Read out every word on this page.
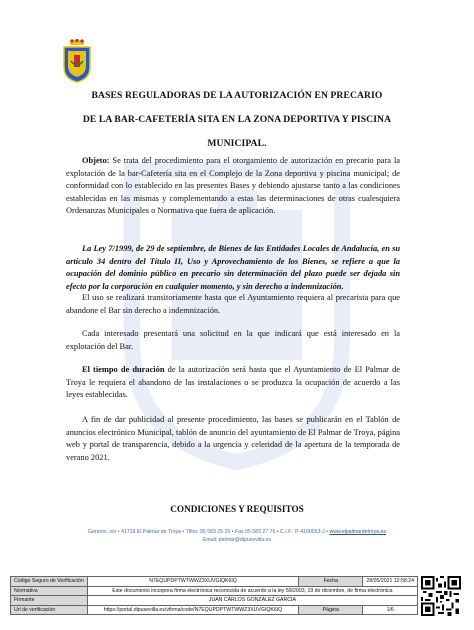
BASES REGULADORAS DE LA AUTORIZACIÓN EN PRECARIO
DE LA BAR-CAFETERÍA SITA EN LA ZONA DEPORTIVA Y PISCINA
MUNICIPAL.
Objeto: Se trata del procedimiento para el otorgamiento de autorización en precario para la explotación de la bar-Cafetería sita en el Complejo de la Zona deportiva y piscina municipal; de conformidad con lo establecido en las presentes Bases y debiendo ajustarse tanto a las condiciones establecidas en las mismas y complementando a estas las determinaciones de otras cualesquiera Ordenanzas Municipales o Normativa que fuera de aplicación.
La Ley 7/1999, de 29 de septiembre, de Bienes de las Entidades Locales de Andalucía, en su artículo 34 dentro del Título II, Uso y Aprovechamiento de los Bienes, se refiere a que la ocupación del dominio público en precario sin determinación del plazo puede ser dejada sin efecto por la corporación en cualquier momento, y sin derecho a indemnización.
El uso se realizará transitoriamente hasta que el Ayuntamiento requiera al precarista para que abandone el Bar sin derecho a indemnización.
Cada interesado presentará una solicitud en la que indicará que está interesado en la explotación del Bar.
El tiempo de duración de la autorización será hasta que el Ayuntamiento de El Palmar de Troya le requiera el abandono de las instalaciones o se produzca la ocupación de acuerdo a las leyes establecidas.
A fin de dar publicidad al presente procedimiento, las bases se publicarán en el Tablón de anuncios electrónico Municipal, tablón de anuncio del ayuntamiento de El Palmar de Troya, página web y portal de transparencia, debido a la urgencia y celeridad de la apertura de la temporada de verano 2021.
CONDICIONES Y REQUISITOS
Geranio, s/n • 41719 El Palmar de Troya • Tlfno: 95 583 25 25 • Fax 95 583 27 75 • C.I.F.: P-4100053-J • www.elpalmardetroya.es
Email: palmar@dipusevilla.es
Código Seguro de Verificación	N7EQUPDPTWTWWZ3XUVGIQK6IQ	Fecha	28/05/2021 12:58:24
Normativa	Este documento incorpora firma electrónica reconocida de acuerdo a la ley 59/2003, 19 de diciembre, de firma electrónica		
Firmante	JUAN CARLOS GONZALEZ GARCIA		
Url de verificación	https://portal.dipusevilla.es/vfirma/code/N7EQUPDPTWTWWZ3XUVGIQK6IQ	Página	1/6
